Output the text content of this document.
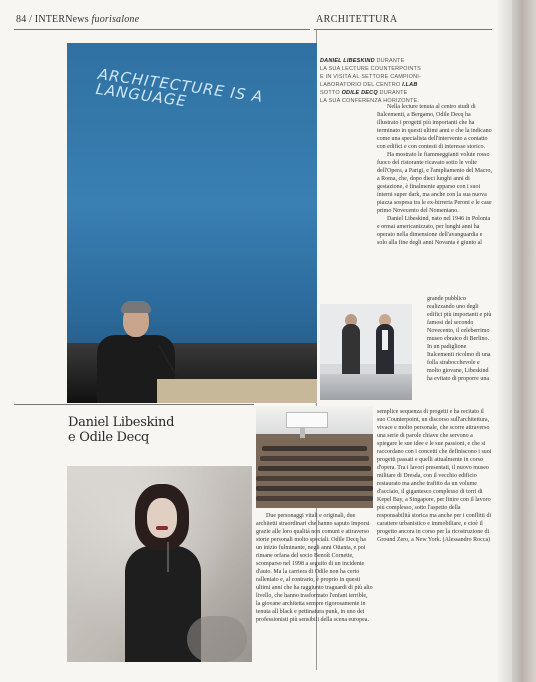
84 / INTERNews fuorisalone	ARCHITETTURA
ARCHITECTURE IS A LANGUAGE
DANIEL LIBESKIND DURANTE
LA SUA LECTURE COUNTERPOINTS
E IN VISITA AL SETTORE CAMPIONI-
LABORATORIO DEL CENTRO I.LAB
SOTTO ODILE DECQ DURANTE
LA SUA CONFERENZA HORIZONTE.

Nella lecture tenuta al centro studi di Italcementi, a Bergamo, Odile Decq ha illustrato i progetti più importanti che ha terminato in questi ultimi anni e che la indicano come una specialista dell'intervento a contatto con edifici e con contesti di interesse storico.

Ha mostrato le fiammeggianti volute rosso fuoco del ristorante ricavato sotto le volte dell'Opera, a Parigi, e l'ampliamento del Macro, a Roma, che, dopo dieci lunghi anni di gestazione, è finalmente apparso con i suoi interni super dark, ma anche con la sua nuova piazza sospesa tra le ex-birreria Peroni e le case primo Novecento del Nomentano.

Daniel Libeskind, nato nel 1946 in Polonia e ormai americanizzato, per lunghi anni ha operato nella dimensione dell'avanguardia e solo alla fine degli anni Novanta è giunto al

grande pubblico realizzando uno degli edifici più importanti e più famosi del secondo Novecento, il celeberrimo museo ebraico di Berlino. In un padiglione Italcementi ricolmo di una folla strabocchevole e molto giovane, Libeskind ha evitato di proporre una

semplice sequenza di progetti e ha recitato il suo Counterpoint, un discorso sull'architettura, vivace e molto personale, che scorre attraverso una serie di parole chiave che servono a spiegare le sue idee e le sue passioni, e che si raccordano con i concetti che definiscono i suoi progetti passati e quelli attualmente in corso d'opera. Tra i lavori presentati, il nuovo museo militare di Dresda, con il vecchio edificio restaurato ma anche trafitto da un volume d'acciaio, il gigantesco complesso di torri di Kepel Bay, a Singapore, per finire con il lavoro più complesso, sotto l'aspetto della responsabilità storica ma anche per i conflitti di carattere urbanistico e immobiliare, e cioè il progetto ancora in corso per la ricostruzione di Ground Zero, a New York. (Alessandro Rocca)

Daniel Libeskind
e Odile Decq

Due personaggi vitali e originali, due architetti straordinari che hanno saputo imporsi grazie alle loro qualità non comuni e attraverso storie personali molto speciali. Odile Decq ha un inizio fulminante, negli anni Ottanta, e poi rimane orfana del socio Benoît Cornette, scomparso nel 1998 a seguito di un incidente d'auto. Ma la carriera di Odile non ha certo rallentato e, al contrario, è proprio in questi ultimi anni che ha raggiunto traguardi di più alto livello, che hanno trasformato l'enfant terrible, la giovane architetta sempre rigorosamente in tenuta all black e pettinatura punk, in uno dei professionisti più sensibili della scena europea.
